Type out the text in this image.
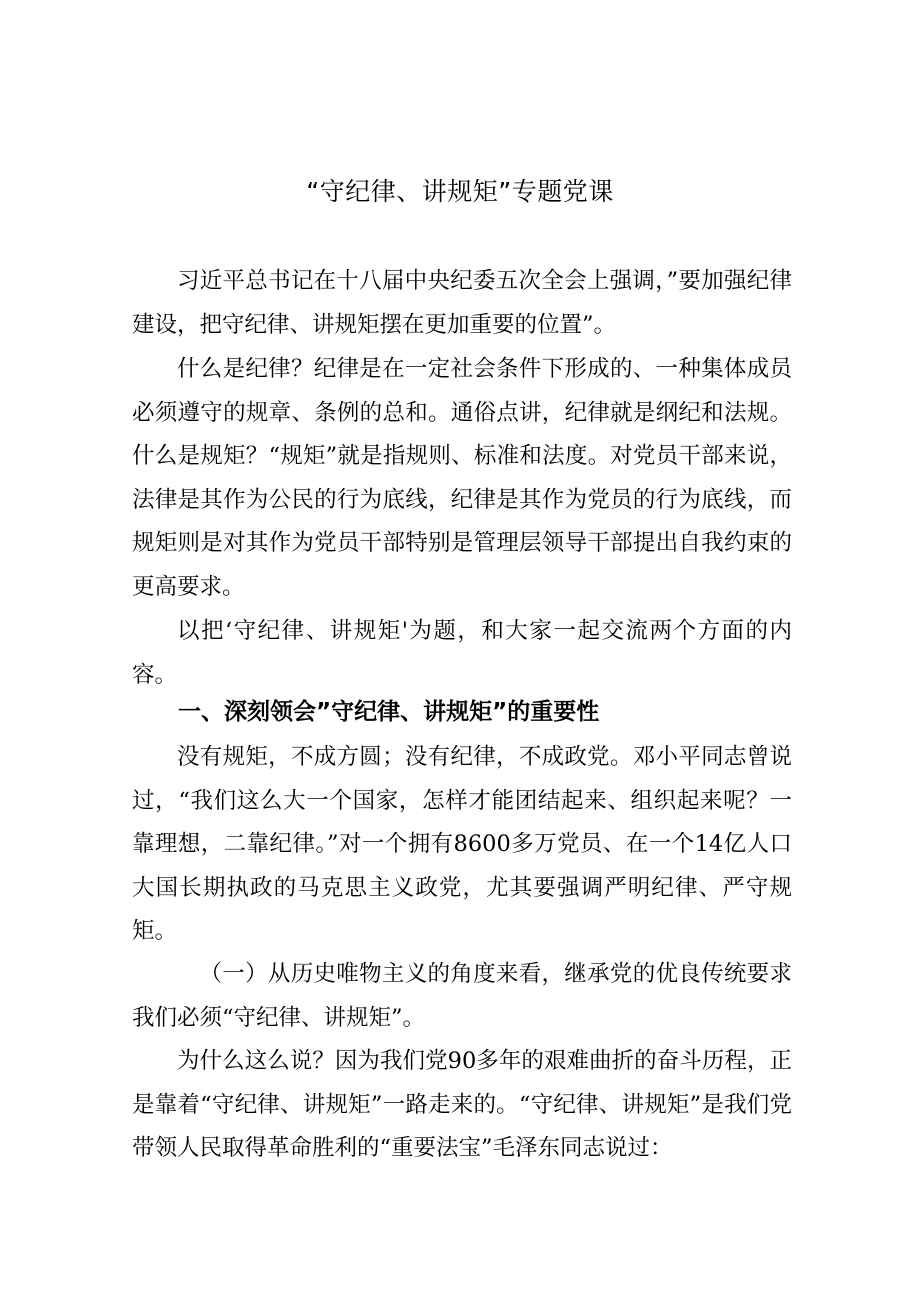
“守纪律、讲规矩”专题党课

习近平总书记在十八届中央纪委五次全会上强调，”要加强纪律建设，把守纪律、讲规矩摆在更加重要的位置”。

什么是纪律？纪律是在一定社会条件下形成的、一种集体成员必须遵守的规章、条例的总和。通俗点讲，纪律就是纲纪和法规。什么是规矩？“规矩”就是指规则、标准和法度。对党员干部来说，法律是其作为公民的行为底线，纪律是其作为党员的行为底线，而规矩则是对其作为党员干部特别是管理层领导干部提出自我约束的更高要求。

以把‘守纪律、讲规矩'为题，和大家一起交流两个方面的内容。

一、深刻领会”守纪律、讲规矩”的重要性

没有规矩，不成方圆；没有纪律，不成政党。邓小平同志曾说过，“我们这么大一个国家，怎样才能团结起来、组织起来呢？一靠理想，二靠纪律。”对一个拥有8600多万党员、在一个14亿人口大国长期执政的马克思主义政党，尤其要强调严明纪律、严守规矩。

（一）从历史唯物主义的角度来看，继承党的优良传统要求我们必须“守纪律、讲规矩”。

为什么这么说？因为我们党90多年的艰难曲折的奋斗历程，正是靠着“守纪律、讲规矩”一路走来的。“守纪律、讲规矩”是我们党带领人民取得革命胜利的“重要法宝”毛泽东同志说过：
